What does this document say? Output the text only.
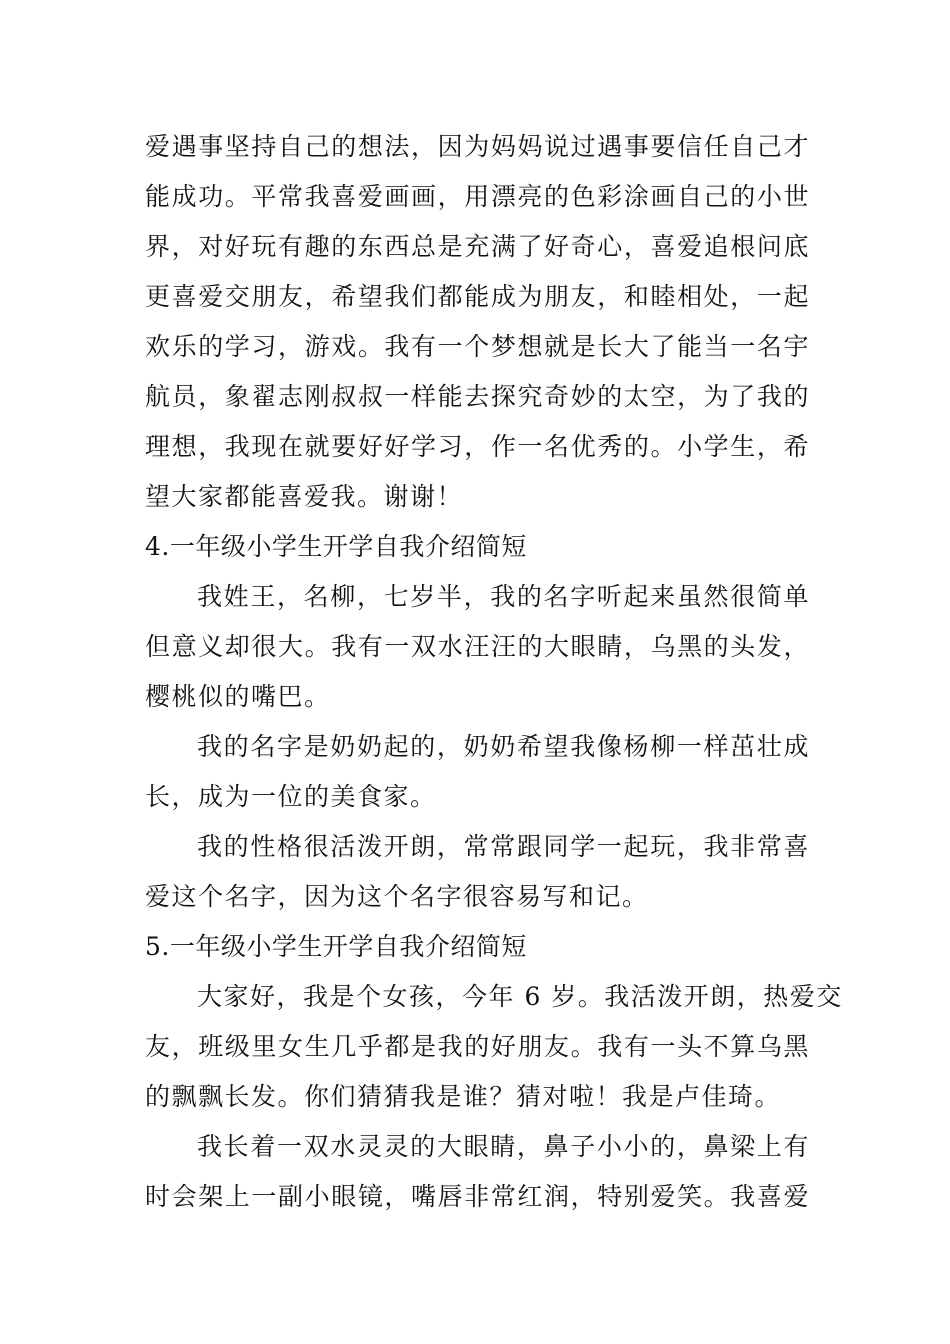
爱遇事坚持自己的想法，因为妈妈说过遇事要信任自己才
能成功。平常我喜爱画画，用漂亮的色彩涂画自己的小世
界，对好玩有趣的东西总是充满了好奇心，喜爱追根问底
更喜爱交朋友，希望我们都能成为朋友，和睦相处，一起
欢乐的学习，游戏。我有一个梦想就是长大了能当一名宇
航员，象翟志刚叔叔一样能去探究奇妙的太空，为了我的
理想，我现在就要好好学习，作一名优秀的。小学生，希
望大家都能喜爱我。谢谢！
4.一年级小学生开学自我介绍简短
我姓王，名柳，七岁半，我的名字听起来虽然很简单
但意义却很大。我有一双水汪汪的大眼睛，乌黑的头发，
樱桃似的嘴巴。
我的名字是奶奶起的，奶奶希望我像杨柳一样茁壮成
长，成为一位的美食家。
我的性格很活泼开朗，常常跟同学一起玩，我非常喜
爱这个名字，因为这个名字很容易写和记。
5.一年级小学生开学自我介绍简短
大家好，我是个女孩，今年 6 岁。我活泼开朗，热爱交
友，班级里女生几乎都是我的好朋友。我有一头不算乌黑
的飘飘长发。你们猜猜我是谁？猜对啦！我是卢佳琦。
我长着一双水灵灵的大眼睛，鼻子小小的，鼻梁上有
时会架上一副小眼镜，嘴唇非常红润，特别爱笑。我喜爱
